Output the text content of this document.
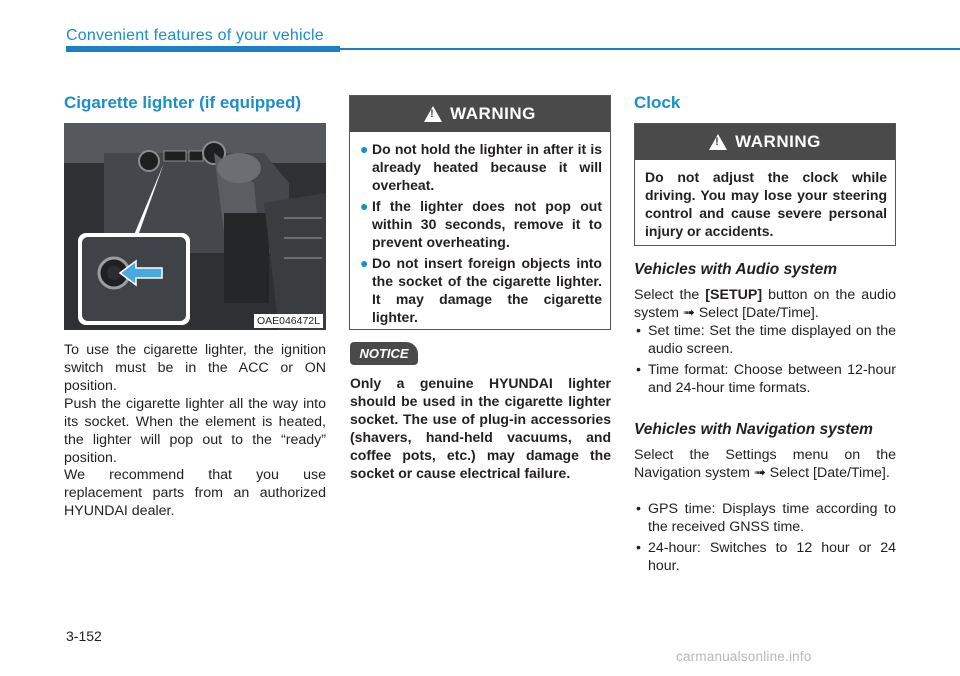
Convenient features of your vehicle
Cigarette lighter (if equipped)
OAE046472L
To use the cigarette lighter, the ignition switch must be in the ACC or ON position.
Push the cigarette lighter all the way into its socket. When the element is heated, the lighter will pop out to the “ready” position.
We recommend that you use replacement parts from an authorized HYUNDAI dealer.
!
WARNING
● Do not hold the lighter in after it is already heated because it will overheat.
● If the lighter does not pop out within 30 seconds, remove it to prevent overheating.
● Do not insert foreign objects into the socket of the cigarette lighter. It may damage the cigarette lighter.
NOTICE
Only a genuine HYUNDAI lighter should be used in the cigarette lighter socket. The use of plug-in accessories (shavers, hand-held vacuums, and coffee pots, etc.) may damage the socket or cause electrical failure.
Clock
!
WARNING
Do not adjust the clock while driving. You may lose your steering control and cause severe personal injury or accidents.
Vehicles with Audio system
Select the [SETUP] button on the audio system ➟ Select [Date/Time].
• Set time: Set the time displayed on the audio screen.
• Time format: Choose between 12-hour and 24-hour time formats.
Vehicles with Navigation system
Select the Settings menu on the Navigation system ➟ Select [Date/Time].
• GPS time: Displays time according to the received GNSS time.
• 24-hour: Switches to 12 hour or 24 hour.
3-152
carmanualsonline.info
